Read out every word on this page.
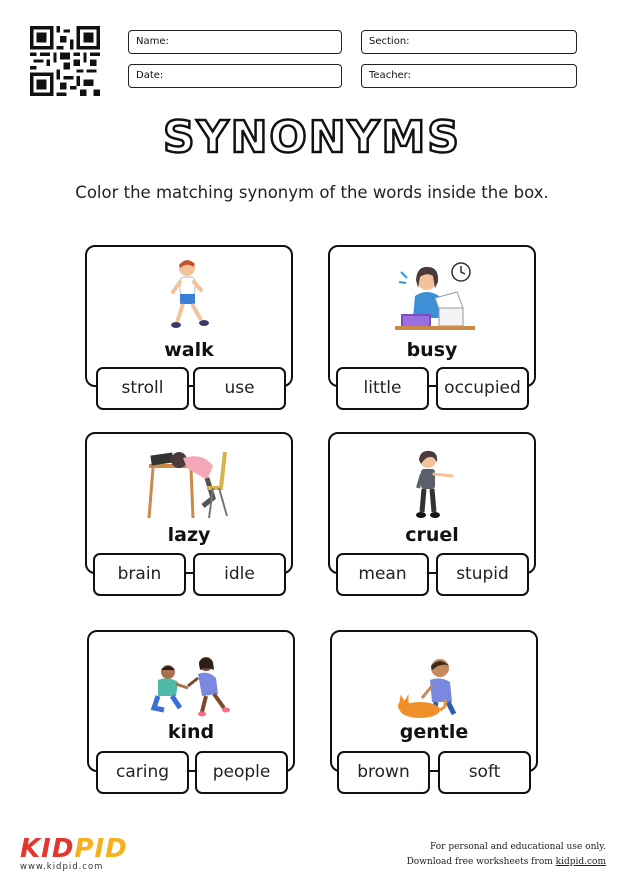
Name:	Section:
Date:	Teacher:
SYNONYMS
Color the matching synonym of the words inside the box.
walk
stroll	use
busy
little	occupied
lazy
brain	idle
cruel
mean	stupid
kind
caring	people
gentle
brown	soft
KIDPID
www.kidpid.com
For personal and educational use only.
Download free worksheets from kidpid.com
